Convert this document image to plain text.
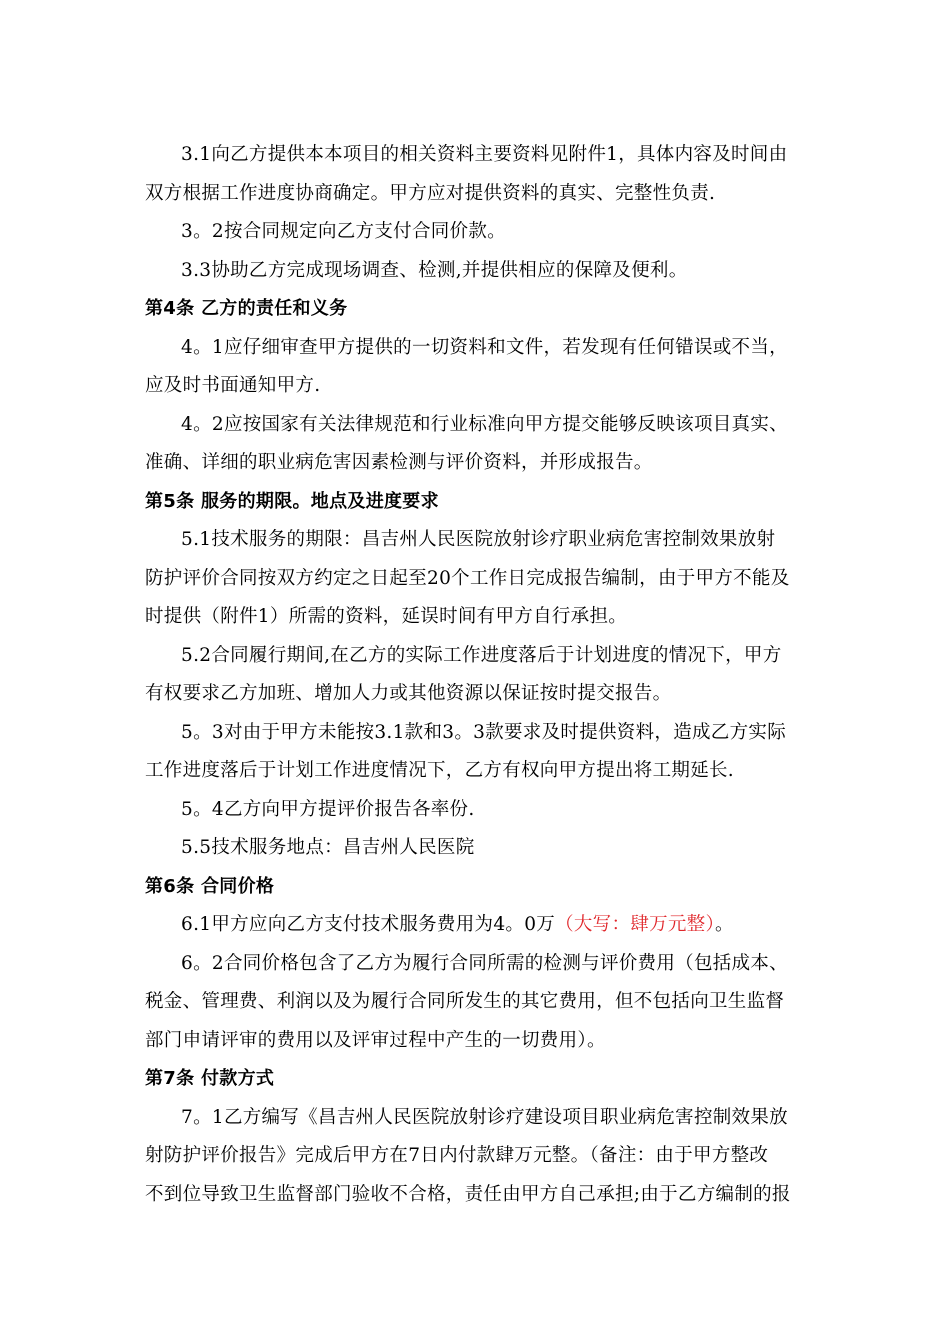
3.1向乙方提供本本项目的相关资料主要资料见附件1，具体内容及时间由
双方根据工作进度协商确定。甲方应对提供资料的真实、完整性负责.
3。2按合同规定向乙方支付合同价款。
3.3协助乙方完成现场调查、检测,并提供相应的保障及便利。
第4条 乙方的责任和义务
4。1应仔细审查甲方提供的一切资料和文件，若发现有任何错误或不当，
应及时书面通知甲方.
4。2应按国家有关法律规范和行业标准向甲方提交能够反映该项目真实、
准确、详细的职业病危害因素检测与评价资料，并形成报告。
第5条 服务的期限。地点及进度要求
5.1技术服务的期限：昌吉州人民医院放射诊疗职业病危害控制效果放射
防护评价合同按双方约定之日起至20个工作日完成报告编制，由于甲方不能及
时提供（附件1）所需的资料，延误时间有甲方自行承担。
5.2合同履行期间,在乙方的实际工作进度落后于计划进度的情况下，甲方
有权要求乙方加班、增加人力或其他资源以保证按时提交报告。
5。3对由于甲方未能按3.1款和3。3款要求及时提供资料，造成乙方实际
工作进度落后于计划工作进度情况下，乙方有权向甲方提出将工期延长.
5。4乙方向甲方提评价报告各率份.
5.5技术服务地点：昌吉州人民医院
第6条 合同价格
6.1甲方应向乙方支付技术服务费用为4。0万（大写：肆万元整）。
6。2合同价格包含了乙方为履行合同所需的检测与评价费用（包括成本、
税金、管理费、利润以及为履行合同所发生的其它费用，但不包括向卫生监督
部门申请评审的费用以及评审过程中产生的一切费用）。
第7条 付款方式
7。1乙方编写《昌吉州人民医院放射诊疗建设项目职业病危害控制效果放
射防护评价报告》完成后甲方在7日内付款肆万元整。（备注：由于甲方整改
不到位导致卫生监督部门验收不合格，责任由甲方自己承担;由于乙方编制的报
